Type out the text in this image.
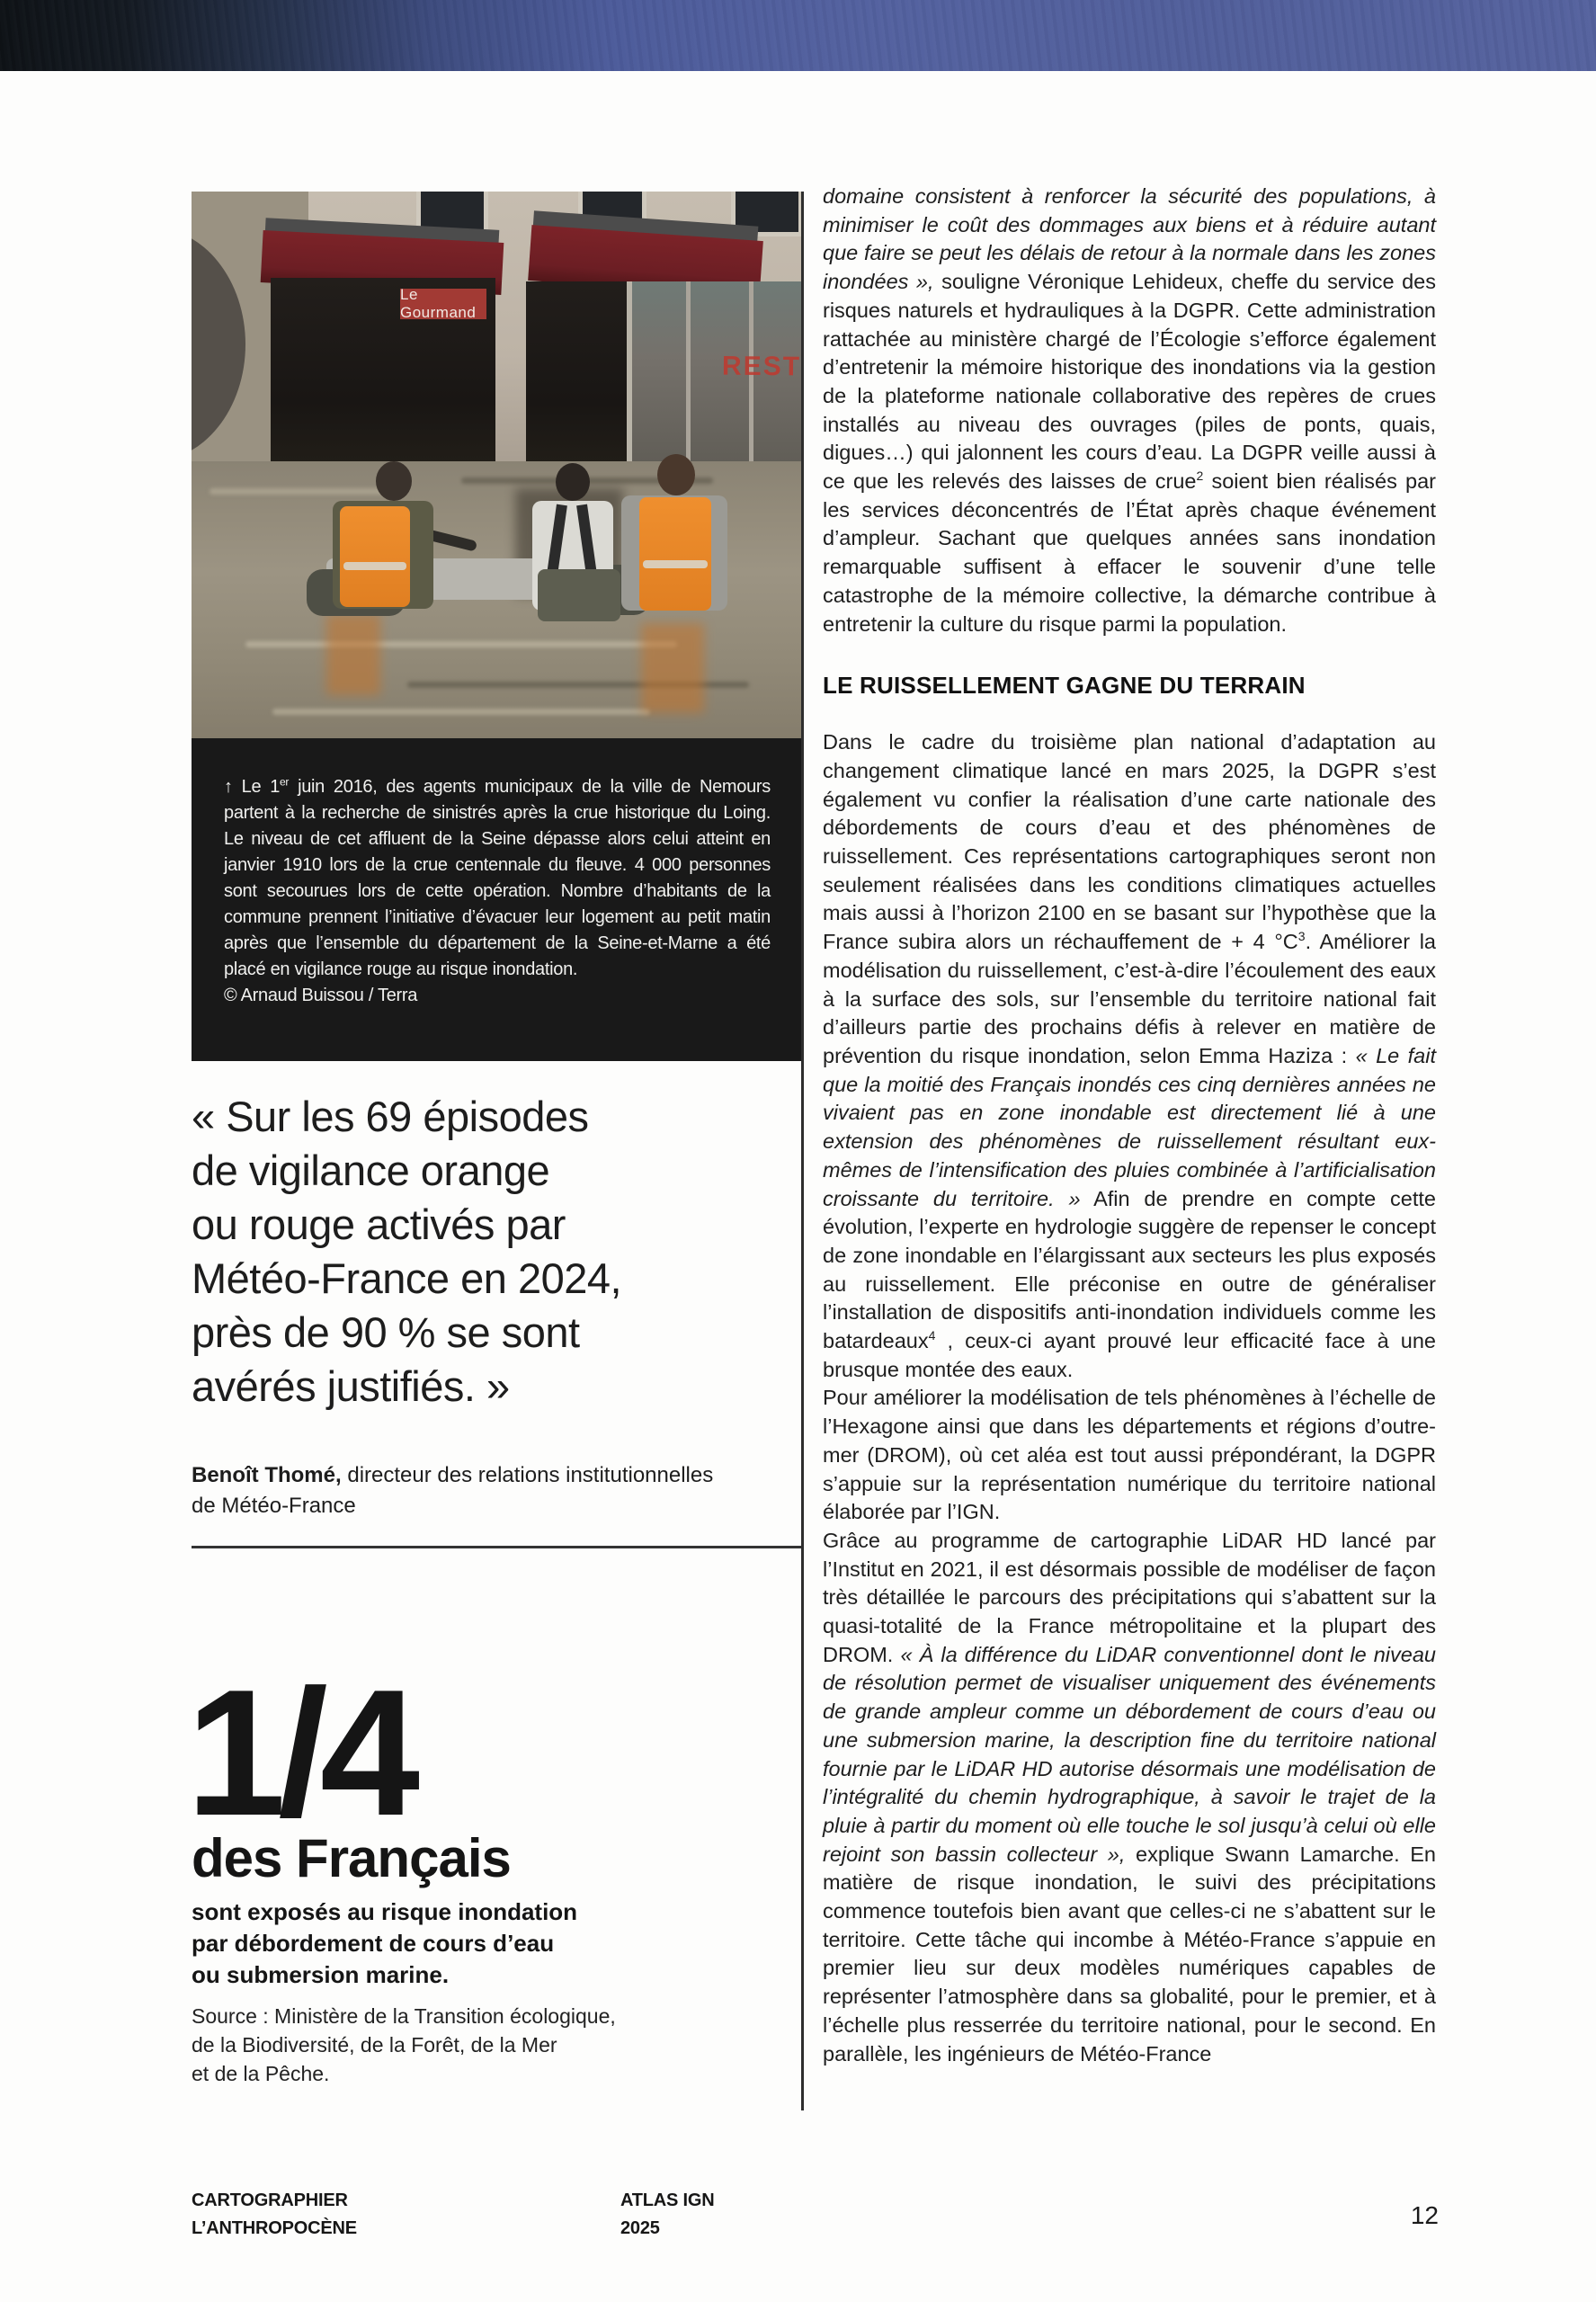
Le Gourmand
REST
↑ Le 1er juin 2016, des agents municipaux de la ville de Nemours partent à la recherche de sinistrés après la crue historique du Loing. Le niveau de cet affluent de la Seine dépasse alors celui atteint en janvier 1910 lors de la crue centennale du fleuve. 4 000 personnes sont secourues lors de cette opération. Nombre d’habitants de la commune prennent l’initiative d’évacuer leur logement au petit matin après que l’ensemble du département de la Seine-et-Marne a été placé en vigilance rouge au risque inondation.
© Arnaud Buissou / Terra
« Sur les 69 épisodes
de vigilance orange
ou rouge activés par
Météo-France en 2024,
près de 90 % se sont
avérés justifiés. »
Benoît Thomé, directeur des relations institutionnelles
de Météo-France
1/4
des Français
sont exposés au risque inondation
par débordement de cours d’eau
ou submersion marine.
Source : Ministère de la Transition écologique,
de la Biodiversité, de la Forêt, de la Mer
et de la Pêche.

domaine consistent à renforcer la sécurité des populations, à minimiser le coût des dommages aux biens et à réduire autant que faire se peut les délais de retour à la normale dans les zones inondées », souligne Véronique Lehideux, cheffe du service des risques naturels et hydrauliques à la DGPR. Cette administration rattachée au ministère chargé de l’Écologie s’efforce également d’entretenir la mémoire historique des inondations via la gestion de la plateforme nationale collaborative des repères de crues installés au niveau des ouvrages (piles de ponts, quais, digues…) qui jalonnent les cours d’eau. La DGPR veille aussi à ce que les relevés des laisses de crue$^2$ soient bien réalisés par les services déconcentrés de l’État après chaque événement d’ampleur. Sachant que quelques années sans inondation remarquable suffisent à effacer le souvenir d’une telle catastrophe de la mémoire collective, la démarche contribue à entretenir la culture du risque parmi la population.

LE RUISSELLEMENT GAGNE DU TERRAIN

Dans le cadre du troisième plan national d’adaptation au changement climatique lancé en mars 2025, la DGPR s’est également vu confier la réalisation d’une carte nationale des débordements de cours d’eau et des phénomènes de ruissellement. Ces représentations cartographiques seront non seulement réalisées dans les conditions climatiques actuelles mais aussi à l’horizon 2100 en se basant sur l’hypothèse que la France subira alors un réchauffement de + 4 $^\circ C^3$. Améliorer la modélisation du ruissellement, c’est-à-dire l’écoulement des eaux à la surface des sols, sur l’ensemble du territoire national fait d’ailleurs partie des prochains défis à relever en matière de prévention du risque inondation, selon Emma Haziza : « Le fait que la moitié des Français inondés ces cinq dernières années ne vivaient pas en zone inondable est directement lié à une extension des phénomènes de ruissellement résultant eux-mêmes de l’intensification des pluies combinée à l’artificialisation croissante du territoire. » Afin de prendre en compte cette évolution, l’experte en hydrologie suggère de repenser le concept de zone inondable en l’élargissant aux secteurs les plus exposés au ruissellement. Elle préconise en outre de généraliser l’installation de dispositifs anti-inondation individuels comme les batardeaux$^4$ , ceux-ci ayant prouvé leur efficacité face à une brusque montée des eaux.

Pour améliorer la modélisation de tels phénomènes à l’échelle de l’Hexagone ainsi que dans les départements et régions d’outre-mer (DROM), où cet aléa est tout aussi prépondérant, la DGPR s’appuie sur la représentation numérique du territoire national élaborée par l’IGN.

Grâce au programme de cartographie LiDAR HD lancé par l’Institut en 2021, il est désormais possible de modéliser de façon très détaillée le parcours des précipitations qui s’abattent sur la quasi-totalité de la France métropolitaine et la plupart des DROM. « À la différence du LiDAR conventionnel dont le niveau de résolution permet de visualiser uniquement des événements de grande ampleur comme un débordement de cours d’eau ou une submersion marine, la description fine du territoire national fournie par le LiDAR HD autorise désormais une modélisation de l’intégralité du chemin hydrographique, à savoir le trajet de la pluie à partir du moment où elle touche le sol jusqu’à celui où elle rejoint son bassin collecteur », explique Swann Lamarche. En matière de risque inondation, le suivi des précipitations commence toutefois bien avant que celles-ci ne s’abattent sur le territoire. Cette tâche qui incombe à Météo-France s’appuie en premier lieu sur deux modèles numériques capables de représenter l’atmosphère dans sa globalité, pour le premier, et à l’échelle plus resserrée du territoire national, pour le second. En parallèle, les ingénieurs de Météo-France

CARTOGRAPHIER
L’ANTHROPOCÈNE
ATLAS IGN
2025	12
